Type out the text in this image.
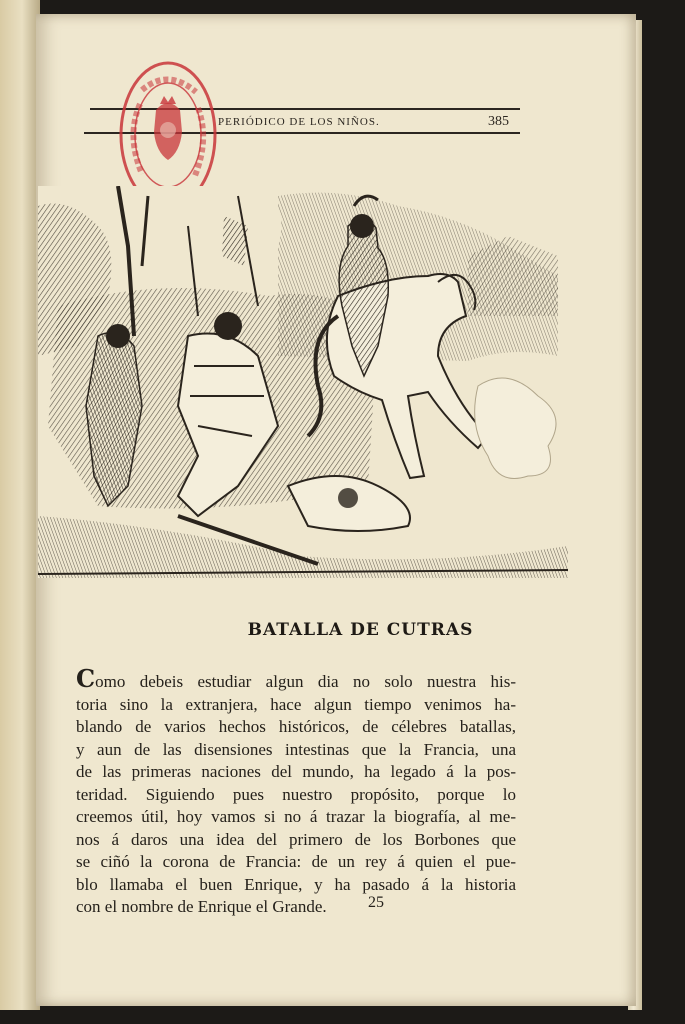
PERIÓDICO DE LOS NIÑOS.	385
BATALLA DE CUTRAS
Como debeis estudiar algun dia no solo nuestra his-
toria sino la extranjera, hace algun tiempo venimos ha-
blando de varios hechos históricos, de célebres batallas,
y aun de las disensiones intestinas que la Francia, una
de las primeras naciones del mundo, ha legado á la pos-
teridad. Siguiendo pues nuestro propósito, porque lo
creemos útil, hoy vamos si no á trazar la biografía, al me-
nos á daros una idea del primero de los Borbones que
se ciñó la corona de Francia: de un rey á quien el pue-
blo llamaba el buen Enrique, y ha pasado á la historia
con el nombre de Enrique el Grande.	25
